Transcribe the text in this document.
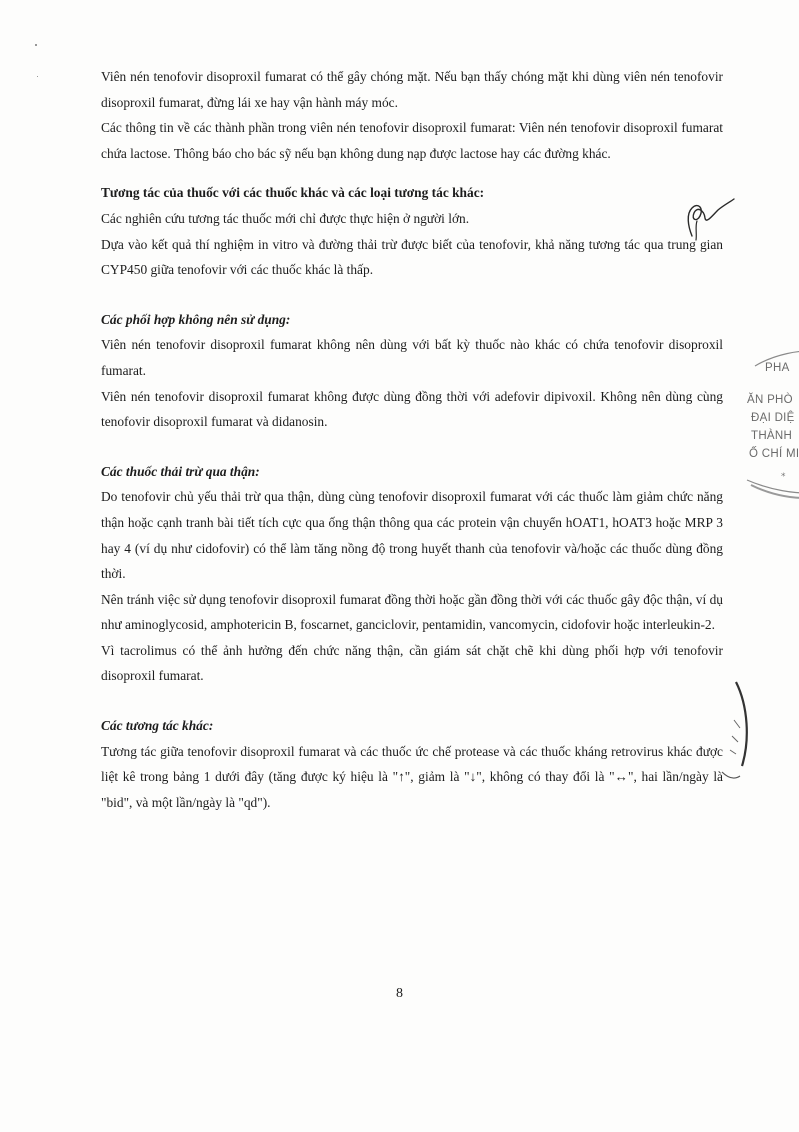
Viên nén tenofovir disoproxil fumarat có thể gây chóng mặt. Nếu bạn thấy chóng mặt khi dùng viên nén tenofovir disoproxil fumarat, đừng lái xe hay vận hành máy móc.

Các thông tin về các thành phần trong viên nén tenofovir disoproxil fumarat: Viên nén tenofovir disoproxil fumarat chứa lactose. Thông báo cho bác sỹ nếu bạn không dung nạp được lactose hay các đường khác.

Tương tác của thuốc với các thuốc khác và các loại tương tác khác:

Các nghiên cứu tương tác thuốc mới chỉ được thực hiện ở người lớn.

Dựa vào kết quả thí nghiệm in vitro và đường thải trừ được biết của tenofovir, khả năng tương tác qua trung gian CYP450 giữa tenofovir với các thuốc khác là thấp.

Các phối hợp không nên sử dụng:

Viên nén tenofovir disoproxil fumarat không nên dùng với bất kỳ thuốc nào khác có chứa tenofovir disoproxil fumarat.

Viên nén tenofovir disoproxil fumarat không được dùng đồng thời với adefovir dipivoxil. Không nên dùng cùng tenofovir disoproxil fumarat và didanosin.

Các thuốc thải trừ qua thận:

Do tenofovir chủ yếu thải trừ qua thận, dùng cùng tenofovir disoproxil fumarat với các thuốc làm giảm chức năng thận hoặc cạnh tranh bài tiết tích cực qua ống thận thông qua các protein vận chuyển hOAT1, hOAT3 hoặc MRP 3 hay 4 (ví dụ như cidofovir) có thể làm tăng nồng độ trong huyết thanh của tenofovir và/hoặc các thuốc dùng đồng thời.

Nên tránh việc sử dụng tenofovir disoproxil fumarat đồng thời hoặc gần đồng thời với các thuốc gây độc thận, ví dụ như aminoglycosid, amphotericin B, foscarnet, ganciclovir, pentamidin, vancomycin, cidofovir hoặc interleukin-2.

Vì tacrolimus có thể ảnh hưởng đến chức năng thận, cần giám sát chặt chẽ khi dùng phối hợp với tenofovir disoproxil fumarat.

Các tương tác khác:

Tương tác giữa tenofovir disoproxil fumarat và các thuốc ức chế protease và các thuốc kháng retrovirus khác được liệt kê trong bảng 1 dưới đây (tăng được ký hiệu là "↑", giảm là "↓", không có thay đổi là "↔", hai lần/ngày là "bid", và một lần/ngày là "qd").

*
PHA
ĂN PHÒ
ĐẠI DIỆ
THÀNH
Ố CHÍ MI
8
